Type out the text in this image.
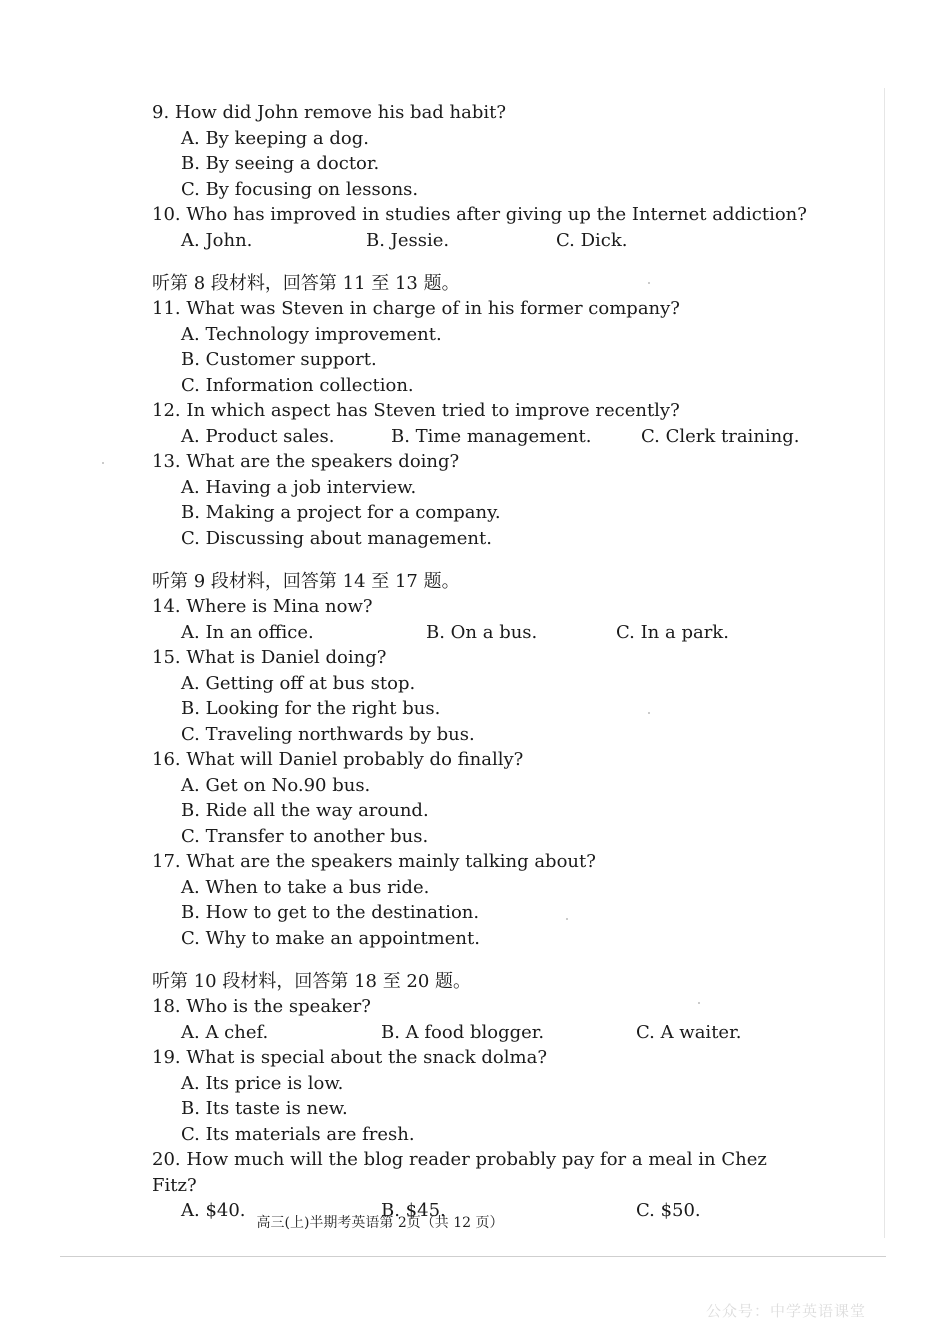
9. How did John remove his bad habit?
A. By keeping a dog.
B. By seeing a doctor.
C. By focusing on lessons.
10. Who has improved in studies after giving up the Internet addiction?
A. John.	B. Jessie.	C. Dick.
听第 8 段材料，回答第 11 至 13 题。
11. What was Steven in charge of in his former company?
A. Technology improvement.
B. Customer support.
C. Information collection.
12. In which aspect has Steven tried to improve recently?
A. Product sales.	B. Time management.	C. Clerk training.
13. What are the speakers doing?
A. Having a job interview.
B. Making a project for a company.
C. Discussing about management.
听第 9 段材料，回答第 14 至 17 题。
14. Where is Mina now?
A. In an office.	B. On a bus.	C. In a park.
15. What is Daniel doing?
A. Getting off at bus stop.
B. Looking for the right bus.
C. Traveling northwards by bus.
16. What will Daniel probably do finally?
A. Get on No.90 bus.
B. Ride all the way around.
C. Transfer to another bus.
17. What are the speakers mainly talking about?
A. When to take a bus ride.
B. How to get to the destination.
C. Why to make an appointment.
听第 10 段材料，回答第 18 至 20 题。
18. Who is the speaker?
A. A chef.	B. A food blogger.	C. A waiter.
19. What is special about the snack dolma?
A. Its price is low.
B. Its taste is new.
C. Its materials are fresh.
20. How much will the blog reader probably pay for a meal in Chez Fitz?
A. $40.	B. $45.	C. $50.
高三(上)半期考英语第 2页（共 12 页）
公众号：中学英语课堂
